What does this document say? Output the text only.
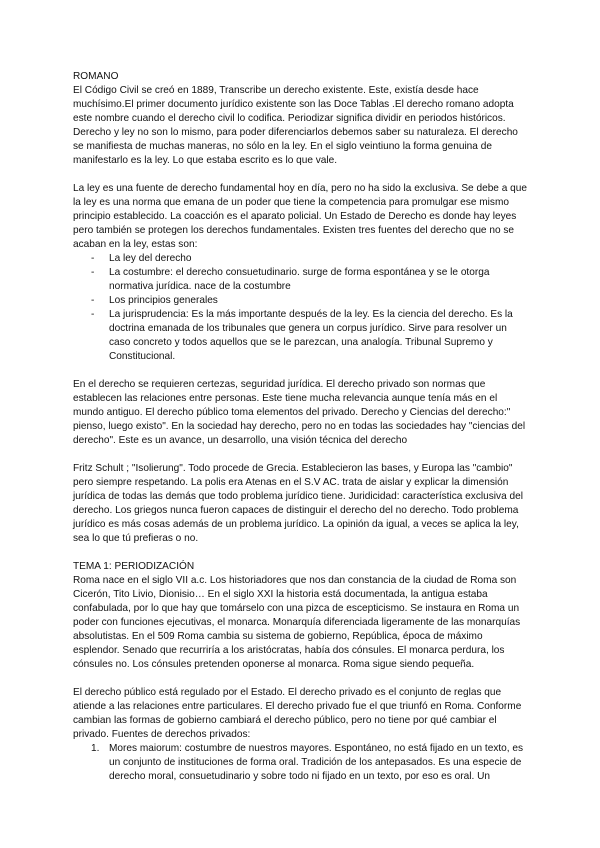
ROMANO

El Código Civil se creó en 1889, Transcribe un derecho existente. Este, existía desde hace muchísimo.El primer documento jurídico existente son las Doce Tablas .El derecho romano adopta este nombre cuando el derecho civil lo codifica. Periodizar significa dividir en periodos históricos. Derecho y ley no son lo mismo, para poder diferenciarlos debemos saber su naturaleza. El derecho se manifiesta de muchas maneras, no sólo en la ley. En el siglo veintiuno la forma genuina de manifestarlo es la ley. Lo que estaba escrito es lo que vale.

La ley es una fuente de derecho fundamental hoy en día, pero no ha sido la exclusiva. Se debe a que la ley es una norma que emana de un poder que tiene la competencia para promulgar ese mismo principio establecido. La coacción es el aparato policial. Un Estado de Derecho es donde hay leyes pero también se protegen los derechos fundamentales. Existen tres fuentes del derecho que no se acaban en la ley, estas son:

- La ley del derecho
- La costumbre: el derecho consuetudinario. surge de forma espontánea y se le otorga normativa jurídica. nace de la costumbre
- Los principios generales
- La jurisprudencia: Es la más importante después de la ley. Es la ciencia del derecho. Es la doctrina emanada de los tribunales que genera un corpus jurídico. Sirve para resolver un caso concreto y todos aquellos que se le parezcan, una analogía. Tribunal Supremo y Constitucional.

En el derecho se requieren certezas, seguridad jurídica. El derecho privado son normas que establecen las relaciones entre personas. Este tiene mucha relevancia aunque tenía más en el mundo antiguo. El derecho público toma elementos del privado. Derecho y Ciencias del derecho:" pienso, luego existo". En la sociedad hay derecho, pero no en todas las sociedades hay "ciencias del derecho". Este es un avance, un desarrollo, una visión técnica del derecho

Fritz Schult ; "Isolierung". Todo procede de Grecia. Establecieron las bases, y Europa las "cambio" pero siempre respetando. La polis era Atenas en el S.V AC. trata de aislar y explicar la dimensión jurídica de todas las demás que todo problema jurídico tiene. Juridicidad: característica exclusiva del derecho. Los griegos nunca fueron capaces de distinguir el derecho del no derecho. Todo problema jurídico es más cosas además de un problema jurídico. La opinión da igual, a veces se aplica la ley, sea lo que tú prefieras o no.

TEMA 1: PERIODIZACIÓN

Roma nace en el siglo VII a.c. Los historiadores que nos dan constancia de la ciudad de Roma son Cicerón, Tito Livio, Dionisio… En el siglo XXI la historia está documentada, la antigua estaba confabulada, por lo que hay que tomárselo con una pizca de escepticismo. Se instaura en Roma un poder con funciones ejecutivas, el monarca. Monarquía diferenciada ligeramente de las monarquías absolutistas. En el 509 Roma cambia su sistema de gobierno, República, época de máximo esplendor. Senado que recurriría a los aristócratas, había dos cónsules. El monarca perdura, los cónsules no. Los cónsules pretenden oponerse al monarca. Roma sigue siendo pequeña.

El derecho público está regulado por el Estado. El derecho privado es el conjunto de reglas que atiende a las relaciones entre particulares. El derecho privado fue el que triunfó en Roma. Conforme cambian las formas de gobierno cambiará el derecho público, pero no tiene por qué cambiar el privado. Fuentes de derechos privados:

1. Mores maiorum: costumbre de nuestros mayores. Espontáneo, no está fijado en un texto, es un conjunto de instituciones de forma oral. Tradición de los antepasados. Es una especie de derecho moral, consuetudinario y sobre todo ni fijado en un texto, por eso es oral. Un
